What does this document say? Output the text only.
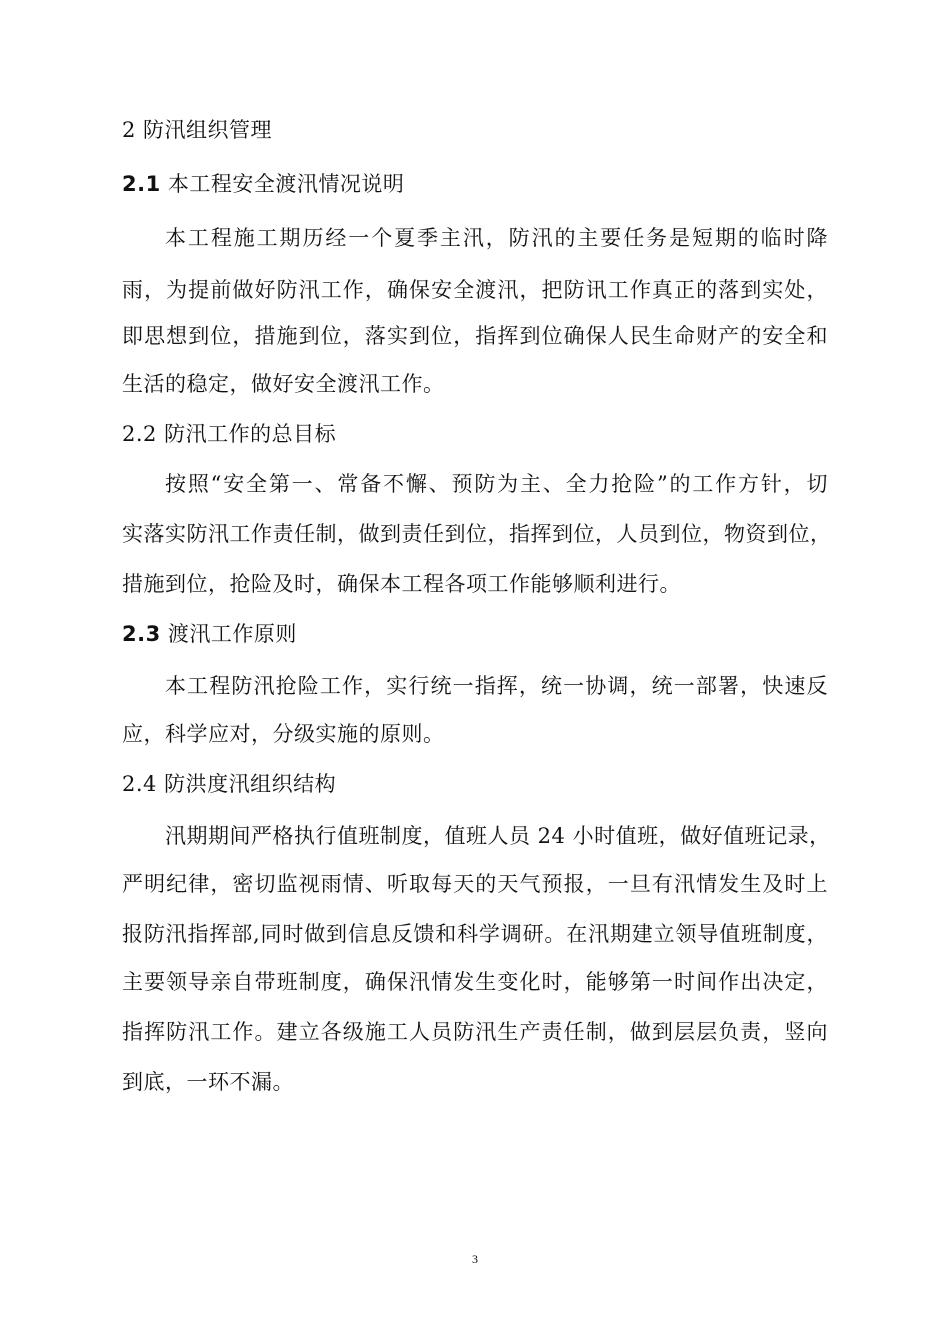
2 防汛组织管理
2.1 本工程安全渡汛情况说明
本工程施工期历经一个夏季主汛，防汛的主要任务是短期的临时降
雨，为提前做好防汛工作，确保安全渡汛，把防讯工作真正的落到实处，
即思想到位，措施到位，落实到位，指挥到位确保人民生命财产的安全和
生活的稳定，做好安全渡汛工作。
2.2 防汛工作的总目标
按照“安全第一、常备不懈、预防为主、全力抢险”的工作方针，切
实落实防汛工作责任制，做到责任到位，指挥到位，人员到位，物资到位，
措施到位，抢险及时，确保本工程各项工作能够顺利进行。
2.3 渡汛工作原则
本工程防汛抢险工作，实行统一指挥，统一协调，统一部署，快速反
应，科学应对，分级实施的原则。
2.4 防洪度汛组织结构
汛期期间严格执行值班制度，值班人员 24 小时值班，做好值班记录，
严明纪律，密切监视雨情、听取每天的天气预报，一旦有汛情发生及时上
报防汛指挥部,同时做到信息反馈和科学调研。在汛期建立领导值班制度，
主要领导亲自带班制度，确保汛情发生变化时，能够第一时间作出决定，
指挥防汛工作。建立各级施工人员防汛生产责任制，做到层层负责，竖向
到底，一环不漏。
3
